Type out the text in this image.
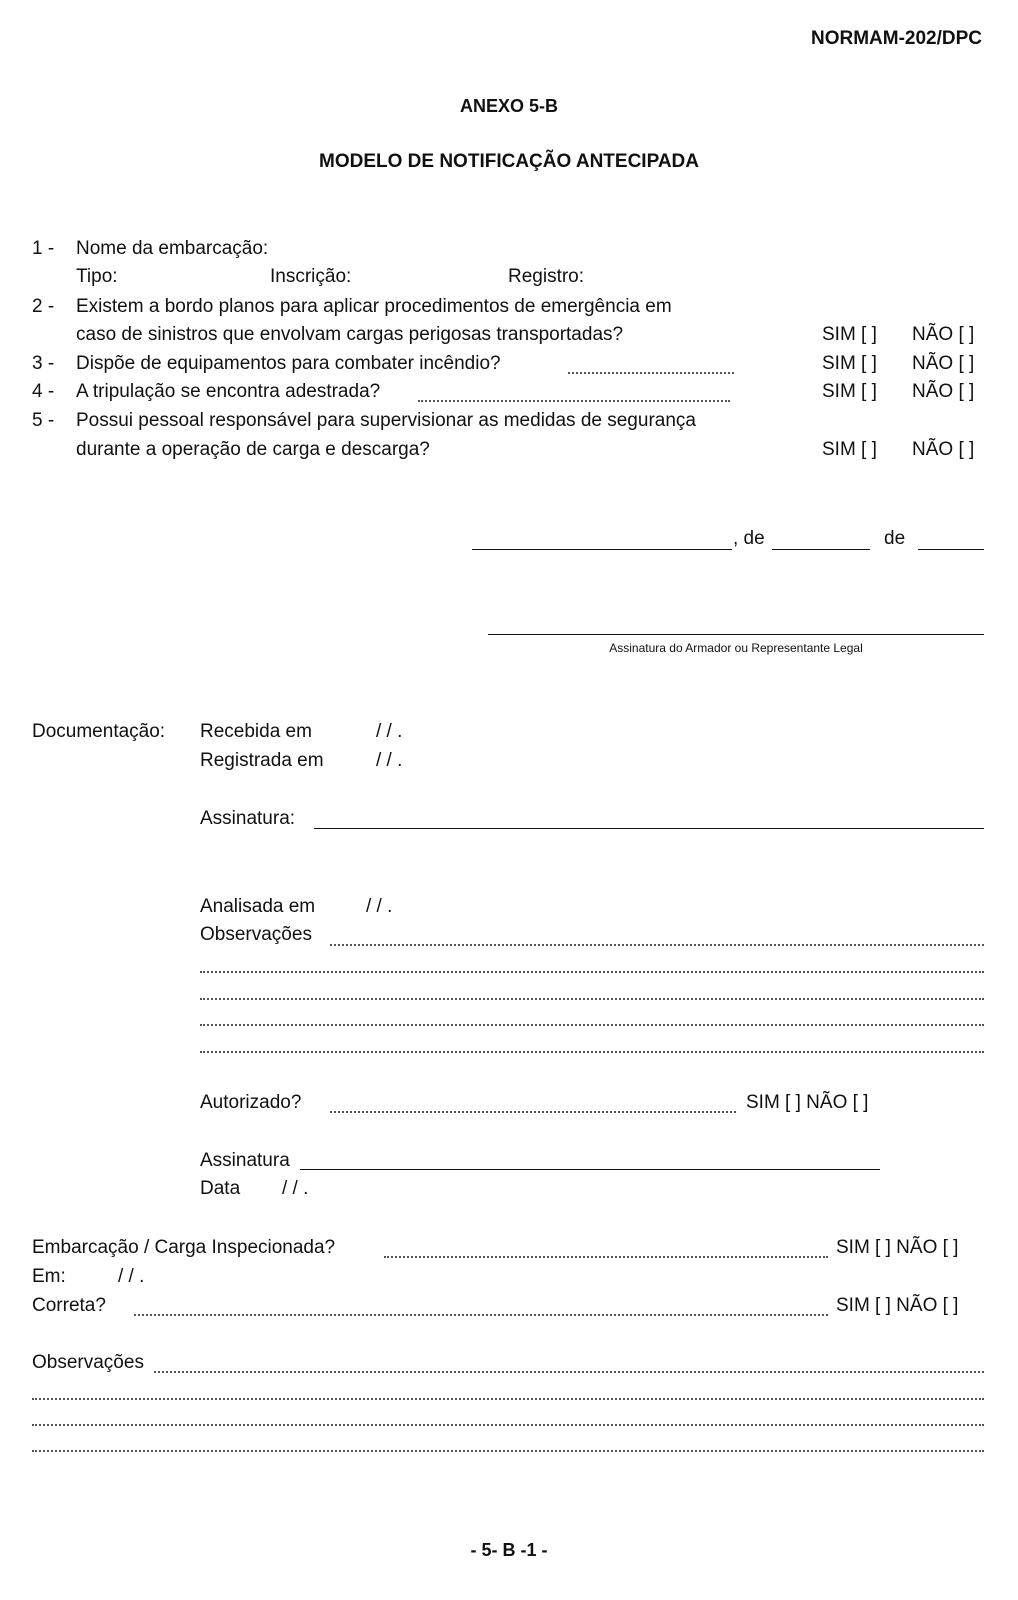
NORMAM-202/DPC
ANEXO 5-B
MODELO DE NOTIFICAÇÃO ANTECIPADA
1 - Nome da embarcação:
Tipo:	Inscrição:	Registro:
2 - Existem a bordo planos para aplicar procedimentos de emergência em
caso de sinistros que envolvam cargas perigosas transportadas?	SIM [ ] NÃO [ ]
3 - Dispõe de equipamentos para combater incêndio?	SIM [ ] NÃO [ ]
4 - A tripulação se encontra adestrada?	SIM [ ] NÃO [ ]
5 - Possui pessoal responsável para supervisionar as medidas de segurança
durante a operação de carga e descarga?	SIM [ ] NÃO [ ]
, de	de
Assinatura do Armador ou Representante Legal
Documentação: Recebida em	/ / .
Registrada em	/ / .
Assinatura:
Analisada em	/ / .
Observações
Autorizado?	SIM [ ] NÃO [ ]
Assinatura
Data / / .
Embarcação / Carga Inspecionada?	SIM [ ] NÃO [ ]
Em:	/ / .
Correta?	SIM [ ] NÃO [ ]
Observações
- 5- B -1 -
